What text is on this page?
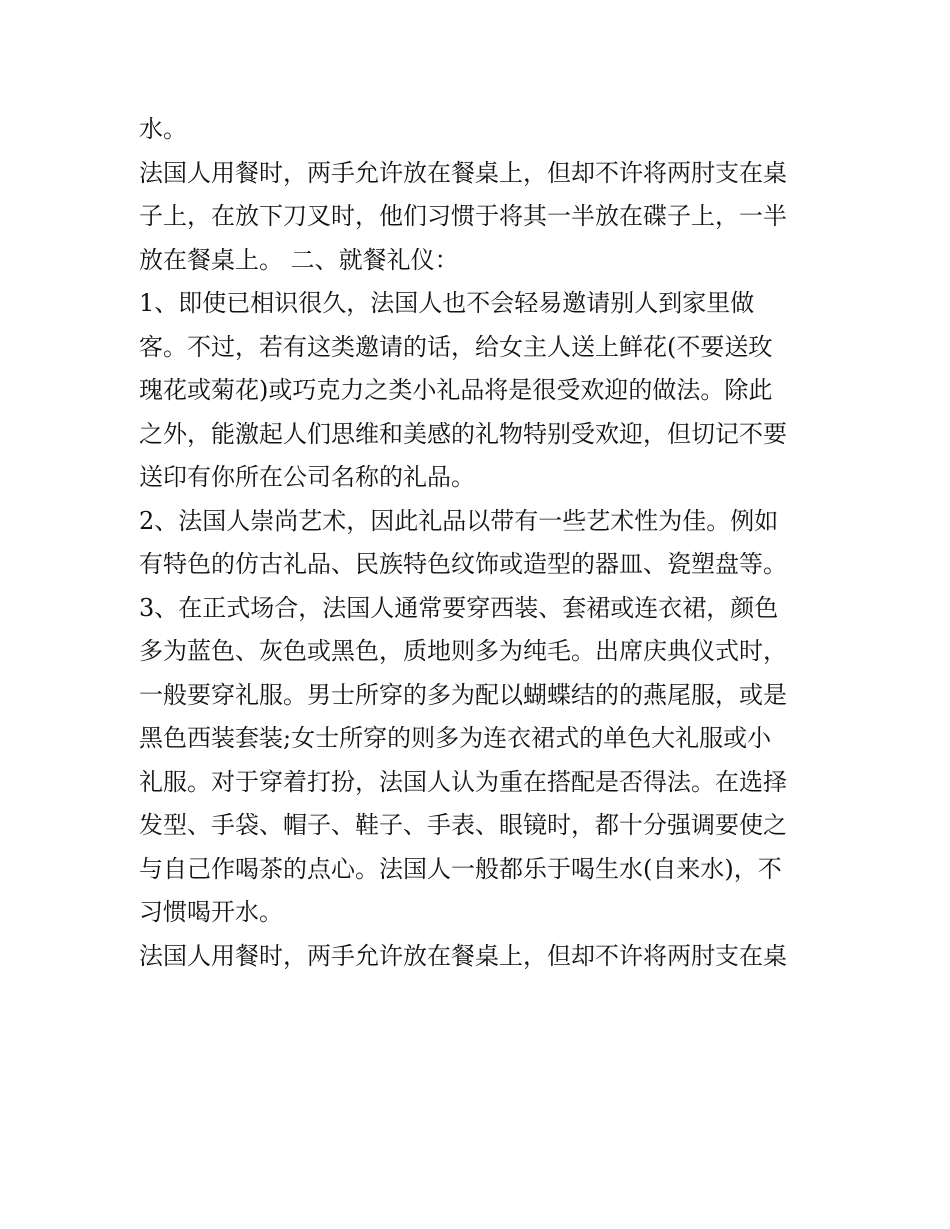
水。
法国人用餐时，两手允许放在餐桌上，但却不许将两肘支在桌
子上，在放下刀叉时，他们习惯于将其一半放在碟子上，一半
放在餐桌上。 二、就餐礼仪：
1、即使已相识很久，法国人也不会轻易邀请别人到家里做
客。不过，若有这类邀请的话，给女主人送上鲜花(不要送玫
瑰花或菊花)或巧克力之类小礼品将是很受欢迎的做法。除此
之外，能激起人们思维和美感的礼物特别受欢迎，但切记不要
送印有你所在公司名称的礼品。
2、法国人崇尚艺术，因此礼品以带有一些艺术性为佳。例如
有特色的仿古礼品、民族特色纹饰或造型的器皿、瓷塑盘等。
3、在正式场合，法国人通常要穿西装、套裙或连衣裙，颜色
多为蓝色、灰色或黑色，质地则多为纯毛。出席庆典仪式时，
一般要穿礼服。男士所穿的多为配以蝴蝶结的的燕尾服，或是
黑色西装套装;女士所穿的则多为连衣裙式的单色大礼服或小
礼服。对于穿着打扮，法国人认为重在搭配是否得法。在选择
发型、手袋、帽子、鞋子、手表、眼镜时，都十分强调要使之
与自己作喝茶的点心。法国人一般都乐于喝生水(自来水)，不
习惯喝开水。
法国人用餐时，两手允许放在餐桌上，但却不许将两肘支在桌
